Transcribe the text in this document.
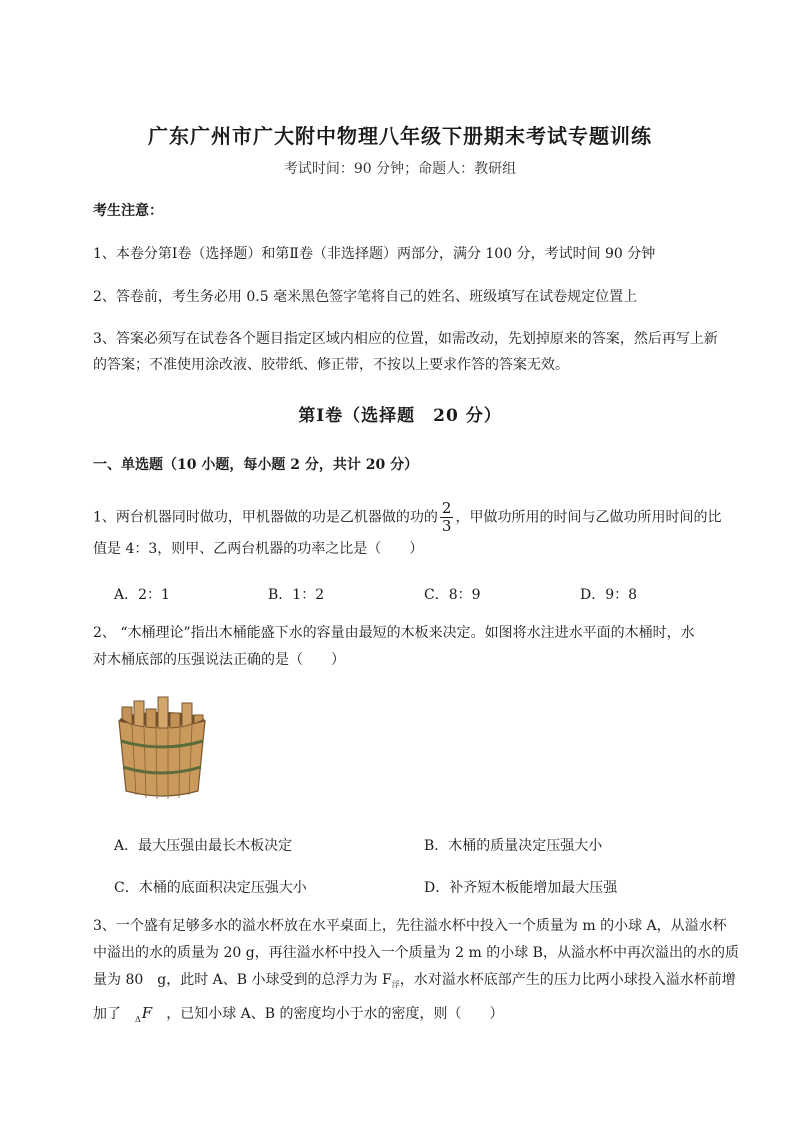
广东广州市广大附中物理八年级下册期末考试专题训练
考试时间：90 分钟；命题人：教研组
考生注意：
1、本卷分第Ⅰ卷（选择题）和第Ⅱ卷（非选择题）两部分，满分 100 分，考试时间 90 分钟
2、答卷前，考生务必用 0.5 毫米黑色签字笔将自己的姓名、班级填写在试卷规定位置上
3、答案必须写在试卷各个题目指定区域内相应的位置，如需改动，先划掉原来的答案，然后再写上新
的答案；不准使用涂改液、胶带纸、修正带，不按以上要求作答的答案无效。
第Ⅰ卷（选择题　20 分）
一、单选题（10 小题，每小题 2 分，共计 20 分）
1、两台机器同时做功，甲机器做的功是乙机器做的功的 $\frac{2}{3}$ ，甲做功所用的时间与乙做功所用时间的比
值是 4：3，则甲、乙两台机器的功率之比是（　　）
A．2：1	B．1：2	C．8：9	D．9：8
2、 “木桶理论”指出木桶能盛下水的容量由最短的木板来决定。如图将水注进水平面的木桶时，水
对木桶底部的压强说法正确的是（　　）
A．最大压强由最长木板决定	B．木桶的质量决定压强大小
C．木桶的底面积决定压强大小	D．补齐短木板能增加最大压强
3、一个盛有足够多水的溢水杯放在水平桌面上，先往溢水杯中投入一个质量为 m 的小球 A，从溢水杯
中溢出的水的质量为 20 g，再往溢水杯中投入一个质量为 2 m 的小球 B，从溢水杯中再次溢出的水的质
量为 80　g，此时 A、B 小球受到的总浮力为 $F_浮$，水对溢水杯底部产生的压力比两小球投入溢水杯前增
加了　 $_\Delta$F　 ，已知小球 A、B 的密度均小于水的密度，则（　　）
